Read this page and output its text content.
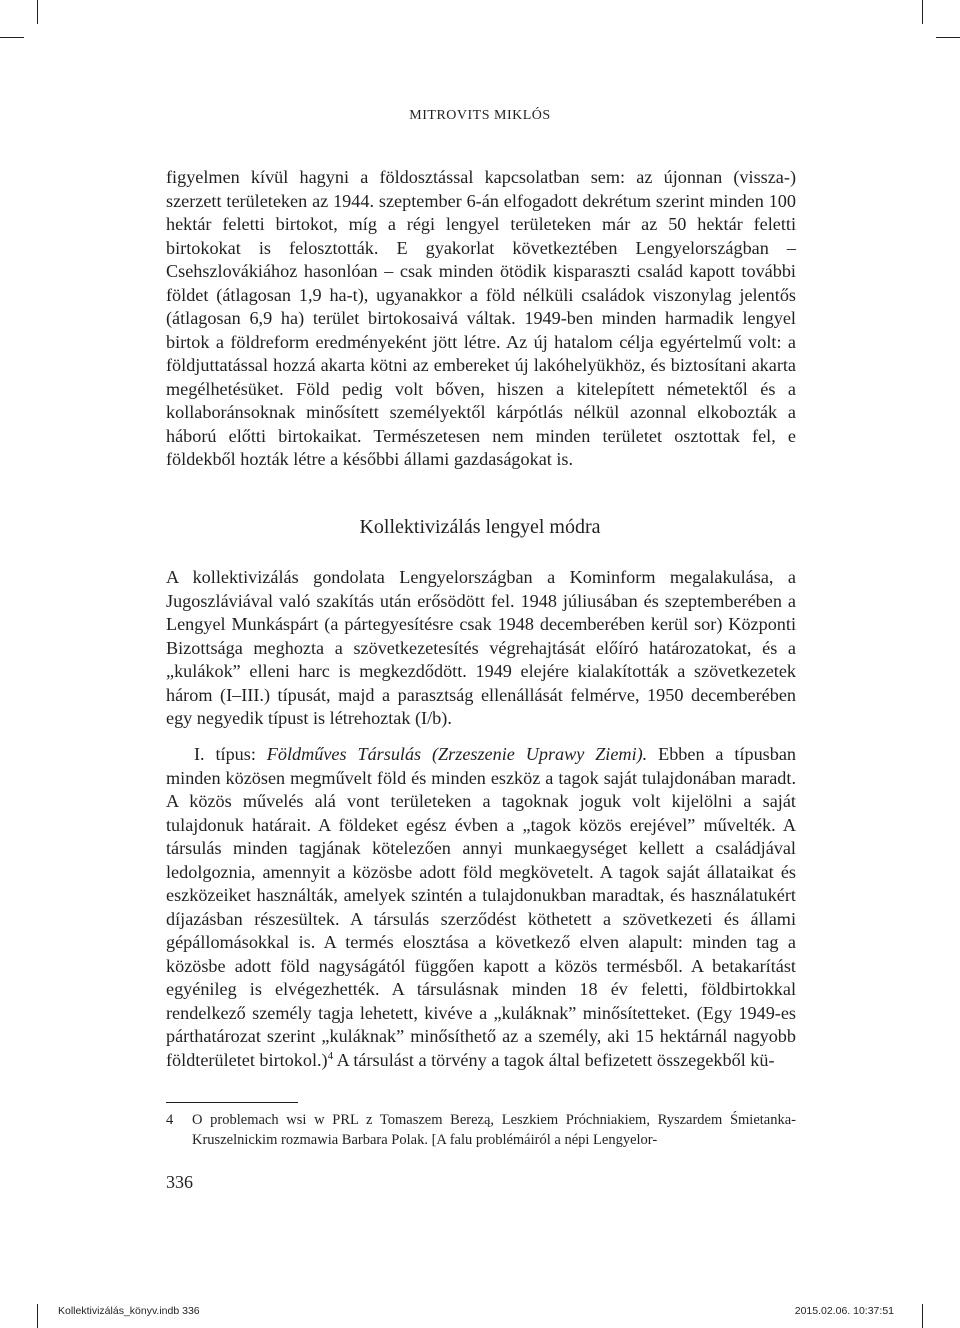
MITROVITS MIKLÓS

figyelmen kívül hagyni a földosztással kapcsolatban sem: az újonnan (vissza-) szerzett területeken az 1944. szeptember 6-án elfogadott dekrétum szerint minden 100 hektár feletti birtokot, míg a régi lengyel területeken már az 50 hektár feletti birtokokat is felosztották. E gyakorlat következtében Lengyelországban – Csehszlovákiához hasonlóan – csak minden ötödik kisparaszti család kapott további földet (átlagosan 1,9 ha-t), ugyanakkor a föld nélküli családok viszonylag jelentős (átlagosan 6,9 ha) terület birtokosaivá váltak. 1949-ben minden harmadik lengyel birtok a földreform eredményeként jött létre. Az új hatalom célja egyértelmű volt: a földjuttatással hozzá akarta kötni az embereket új lakóhelyükhöz, és biztosítani akarta megélhetésüket. Föld pedig volt bőven, hiszen a kitelepített németektől és a kollaboránsoknak minősített személyektől kárpótlás nélkül azonnal elkobozták a háború előtti birtokaikat. Természetesen nem minden területet osztottak fel, e földekből hozták létre a későbbi állami gazdaságokat is.

Kollektivizálás lengyel módra

A kollektivizálás gondolata Lengyelországban a Kominform megalakulása, a Jugoszláviával való szakítás után erősödött fel. 1948 júliusában és szeptemberében a Lengyel Munkáspárt (a pártegyesítésre csak 1948 decemberében kerül sor) Központi Bizottsága meghozta a szövetkezetesítés végrehajtását előíró határozatokat, és a „kulákok” elleni harc is megkezdődött. 1949 elejére kialakították a szövetkezetek három (I–III.) típusát, majd a parasztság ellenállását felmérve, 1950 decemberében egy negyedik típust is létrehoztak (I/b).

I. típus: Földműves Társulás (Zrzeszenie Uprawy Ziemi). Ebben a típusban minden közösen megművelt föld és minden eszköz a tagok saját tulajdonában maradt. A közös művelés alá vont területeken a tagoknak joguk volt kijelölni a saját tulajdonuk határait. A földeket egész évben a „tagok közös erejével” művelték. A társulás minden tagjának kötelezően annyi munkaegységet kellett a családjával ledolgoznia, amennyit a közösbe adott föld megkövetelt. A tagok saját állataikat és eszközeiket használták, amelyek szintén a tulajdonukban maradtak, és használatukért díjazásban részesültek. A társulás szerződést köthetett a szövetkezeti és állami gépállomásokkal is. A termés elosztása a következő elven alapult: minden tag a közösbe adott föld nagyságától függően kapott a közös termésből. A betakarítást egyénileg is elvégezhették. A társulásnak minden 18 év feletti, földbirtokkal rendelkező személy tagja lehetett, kivéve a „kuláknak” minősítetteket. (Egy 1949-es párthatározat szerint „kuláknak” minősíthető az a személy, aki 15 hektárnál nagyobb földterületet birtokol.)$^4$ A társulást a törvény a tagok által befizetett összegekből kü-

4 O problemach wsi w PRL z Tomaszem Berezą, Leszkiem Próchniakiem, Ryszardem Śmietanka-Kruszelnickim rozmawia Barbara Polak. [A falu problémáiról a népi Lengyelor-
336
Kollektivizálás_könyv.indb 336	2015.02.06. 10:37:51
